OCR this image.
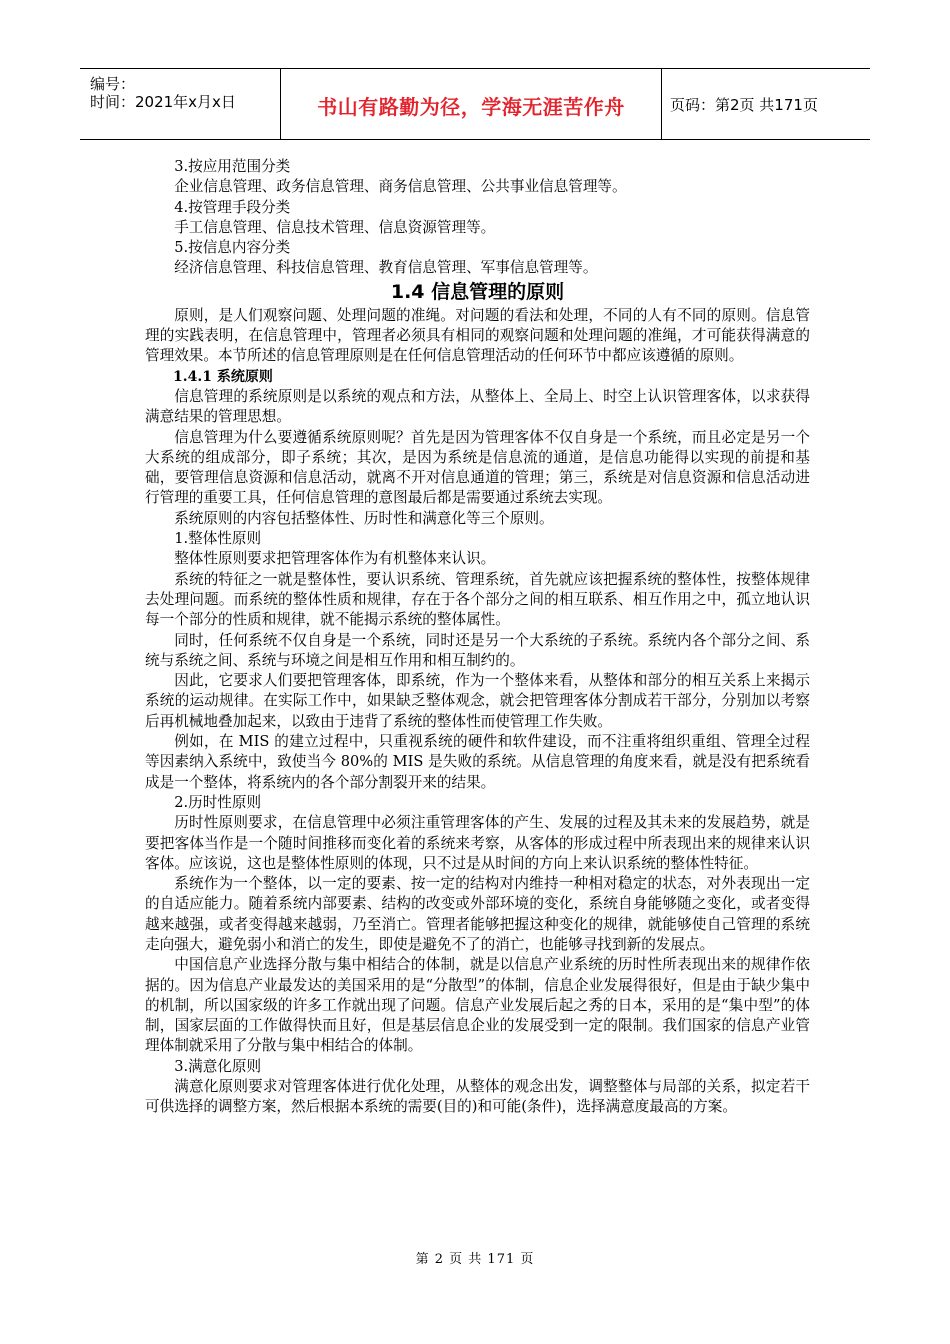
编号：
时间：2021年x月x日	书山有路勤为径，学海无涯苦作舟	页码：第2页 共171页

3.按应用范围分类

企业信息管理、政务信息管理、商务信息管理、公共事业信息管理等。

4.按管理手段分类

手工信息管理、信息技术管理、信息资源管理等。

5.按信息内容分类

经济信息管理、科技信息管理、教育信息管理、军事信息管理等。

1.4 信息管理的原则

原则，是人们观察问题、处理问题的准绳。对问题的看法和处理，不同的人有不同的原则。信息管理的实践表明，在信息管理中，管理者必须具有相同的观察问题和处理问题的准绳，才可能获得满意的管理效果。本节所述的信息管理原则是在任何信息管理活动的任何环节中都应该遵循的原则。

1.4.1 系统原则

信息管理的系统原则是以系统的观点和方法，从整体上、全局上、时空上认识管理客体，以求获得满意结果的管理思想。

信息管理为什么要遵循系统原则呢？首先是因为管理客体不仅自身是一个系统，而且必定是另一个大系统的组成部分，即子系统；其次，是因为系统是信息流的通道，是信息功能得以实现的前提和基础，要管理信息资源和信息活动，就离不开对信息通道的管理；第三，系统是对信息资源和信息活动进行管理的重要工具，任何信息管理的意图最后都是需要通过系统去实现。

系统原则的内容包括整体性、历时性和满意化等三个原则。

1.整体性原则

整体性原则要求把管理客体作为有机整体来认识。

系统的特征之一就是整体性，要认识系统、管理系统，首先就应该把握系统的整体性，按整体规律去处理问题。而系统的整体性质和规律，存在于各个部分之间的相互联系、相互作用之中，孤立地认识每一个部分的性质和规律，就不能揭示系统的整体属性。

同时，任何系统不仅自身是一个系统，同时还是另一个大系统的子系统。系统内各个部分之间、系统与系统之间、系统与环境之间是相互作用和相互制约的。

因此，它要求人们要把管理客体，即系统，作为一个整体来看，从整体和部分的相互关系上来揭示系统的运动规律。在实际工作中，如果缺乏整体观念，就会把管理客体分割成若干部分，分别加以考察后再机械地叠加起来，以致由于违背了系统的整体性而使管理工作失败。

例如，在 MIS 的建立过程中，只重视系统的硬件和软件建设，而不注重将组织重组、管理全过程等因素纳入系统中，致使当今 80%的 MIS 是失败的系统。从信息管理的角度来看，就是没有把系统看成是一个整体，将系统内的各个部分割裂开来的结果。

2.历时性原则

历时性原则要求，在信息管理中必须注重管理客体的产生、发展的过程及其未来的发展趋势，就是要把客体当作是一个随时间推移而变化着的系统来考察，从客体的形成过程中所表现出来的规律来认识客体。应该说，这也是整体性原则的体现，只不过是从时间的方向上来认识系统的整体性特征。

系统作为一个整体，以一定的要素、按一定的结构对内维持一种相对稳定的状态，对外表现出一定的自适应能力。随着系统内部要素、结构的改变或外部环境的变化，系统自身能够随之变化，或者变得越来越强，或者变得越来越弱，乃至消亡。管理者能够把握这种变化的规律，就能够使自己管理的系统走向强大，避免弱小和消亡的发生，即使是避免不了的消亡，也能够寻找到新的发展点。

中国信息产业选择分散与集中相结合的体制，就是以信息产业系统的历时性所表现出来的规律作依据的。因为信息产业最发达的美国采用的是“分散型”的体制，信息企业发展得很好，但是由于缺少集中的机制，所以国家级的许多工作就出现了问题。信息产业发展后起之秀的日本，采用的是“集中型”的体制，国家层面的工作做得快而且好，但是基层信息企业的发展受到一定的限制。我们国家的信息产业管理体制就采用了分散与集中相结合的体制。

3.满意化原则

满意化原则要求对管理客体进行优化处理，从整体的观念出发，调整整体与局部的关系，拟定若干可供选择的调整方案，然后根据本系统的需要(目的)和可能(条件)，选择满意度最高的方案。

第 2 页 共 171 页
